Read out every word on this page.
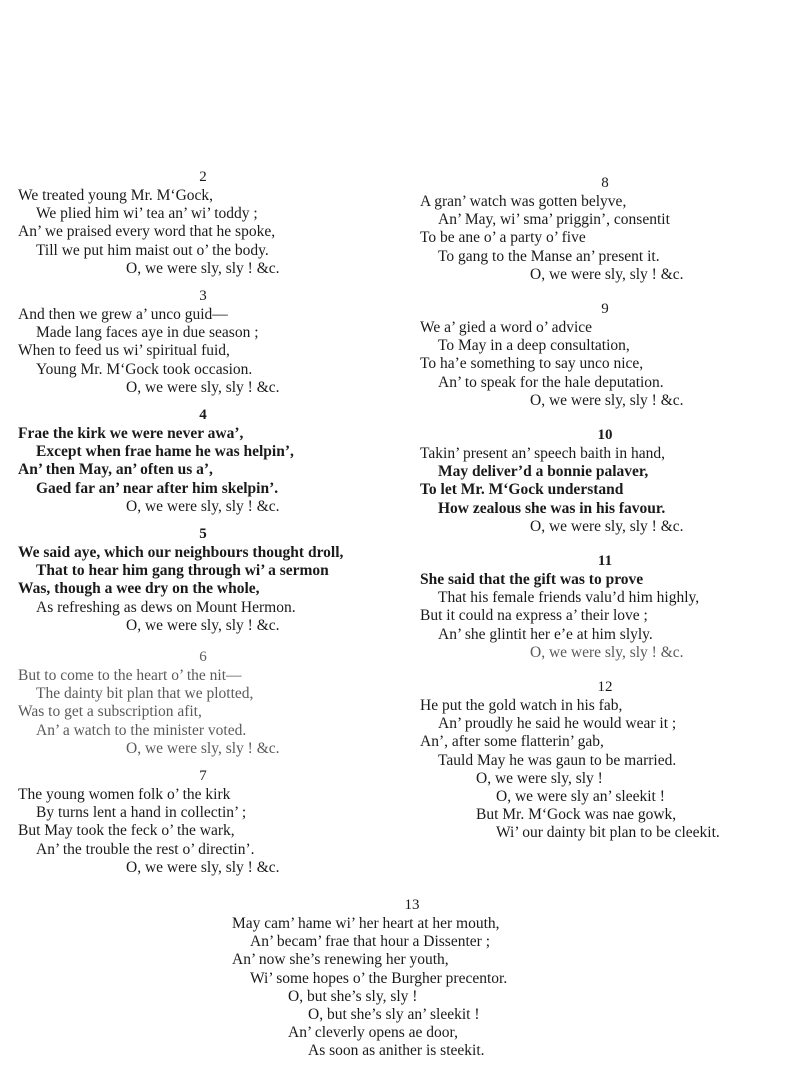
2
We treated young Mr. M‘Gock,
We plied him wi’ tea an’ wi’ toddy ;
An’ we praised every word that he spoke,
Till we put him maist out o’ the body.
O, we were sly, sly ! &c.
3
And then we grew a’ unco guid—
Made lang faces aye in due season ;
When to feed us wi’ spiritual fuid,
Young Mr. M‘Gock took occasion.
O, we were sly, sly ! &c.
4
Frae the kirk we were never awa’,
Except when frae hame he was helpin’,
An’ then May, an’ often us a’,
Gaed far an’ near after him skelpin’.
O, we were sly, sly ! &c.
5
We said aye, which our neighbours thought droll,
That to hear him gang through wi’ a sermon
Was, though a wee dry on the whole,
As refreshing as dews on Mount Hermon.
O, we were sly, sly ! &c.
6
But to come to the heart o’ the nit—
The dainty bit plan that we plotted,
Was to get a subscription afit,
An’ a watch to the minister voted.
O, we were sly, sly ! &c.
7
The young women folk o’ the kirk
By turns lent a hand in collectin’ ;
But May took the feck o’ the wark,
An’ the trouble the rest o’ directin’.
O, we were sly, sly ! &c.
8
A gran’ watch was gotten belyve,
An’ May, wi’ sma’ priggin’, consentit
To be ane o’ a party o’ five
To gang to the Manse an’ present it.
O, we were sly, sly ! &c.
9
We a’ gied a word o’ advice
To May in a deep consultation,
To ha’e something to say unco nice,
An’ to speak for the hale deputation.
O, we were sly, sly ! &c.
10
Takin’ present an’ speech baith in hand,
May deliver’d a bonnie palaver,
To let Mr. M‘Gock understand
How zealous she was in his favour.
O, we were sly, sly ! &c.
11
She said that the gift was to prove
That his female friends valu’d him highly,
But it could na express a’ their love ;
An’ she glintit her e’e at him slyly.
O, we were sly, sly ! &c.
12
He put the gold watch in his fab,
An’ proudly he said he would wear it ;
An’, after some flatterin’ gab,
Tauld May he was gaun to be married.
O, we were sly, sly !
O, we were sly an’ sleekit !
But Mr. M‘Gock was nae gowk,
Wi’ our dainty bit plan to be cleekit.
13
May cam’ hame wi’ her heart at her mouth,
An’ becam’ frae that hour a Dissenter ;
An’ now she’s renewing her youth,
Wi’ some hopes o’ the Burgher precentor.
O, but she’s sly, sly !
O, but she’s sly an’ sleekit !
An’ cleverly opens ae door,
As soon as anither is steekit.
